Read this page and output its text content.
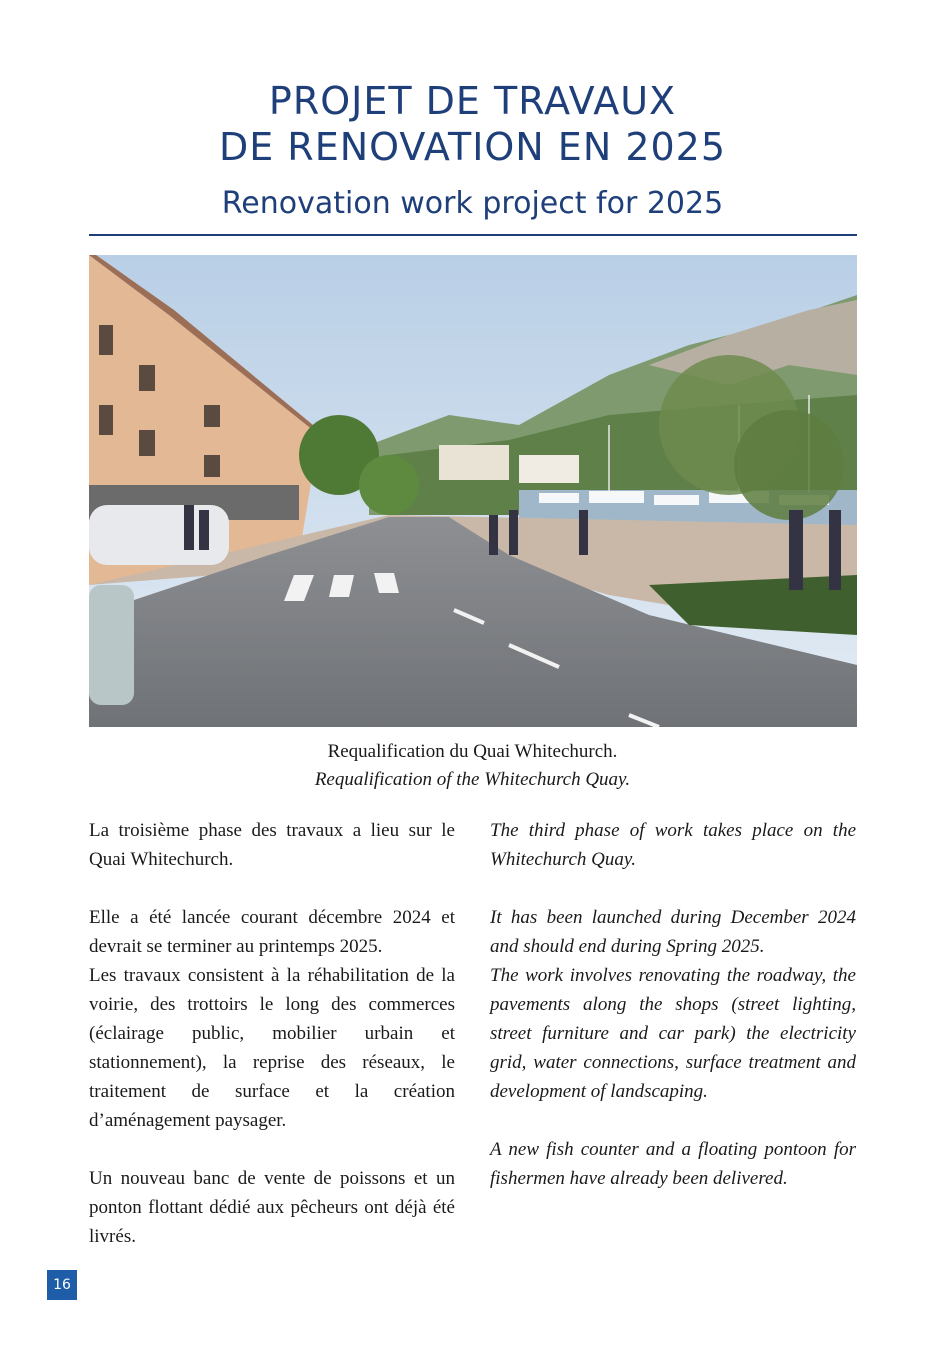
PROJET DE TRAVAUX
DE RENOVATION EN 2025
Renovation work project for 2025
Requalification du Quai Whitechurch.
Requalification of the Whitechurch Quay.

La troisième phase des travaux a lieu sur le Quai Whitechurch.

Elle a été lancée courant décembre 2024 et devrait se terminer au printemps 2025.

Les travaux consistent à la réhabilitation de la voirie, des trottoirs le long des commerces (éclairage public, mobilier urbain et stationnement), la reprise des réseaux, le traitement de surface et la création d’aménagement paysager.

Un nouveau banc de vente de poissons et un ponton flottant dédié aux pêcheurs ont déjà été livrés.

The third phase of work takes place on the Whitechurch Quay.

It has been launched during December 2024 and should end during Spring 2025.

The work involves renovating the roadway, the pavements along the shops (street lighting, street furniture and car park) the electricity grid, water connections, surface treatment and development of landscaping.

A new fish counter and a floating pontoon for fishermen have already been delivered.

16
